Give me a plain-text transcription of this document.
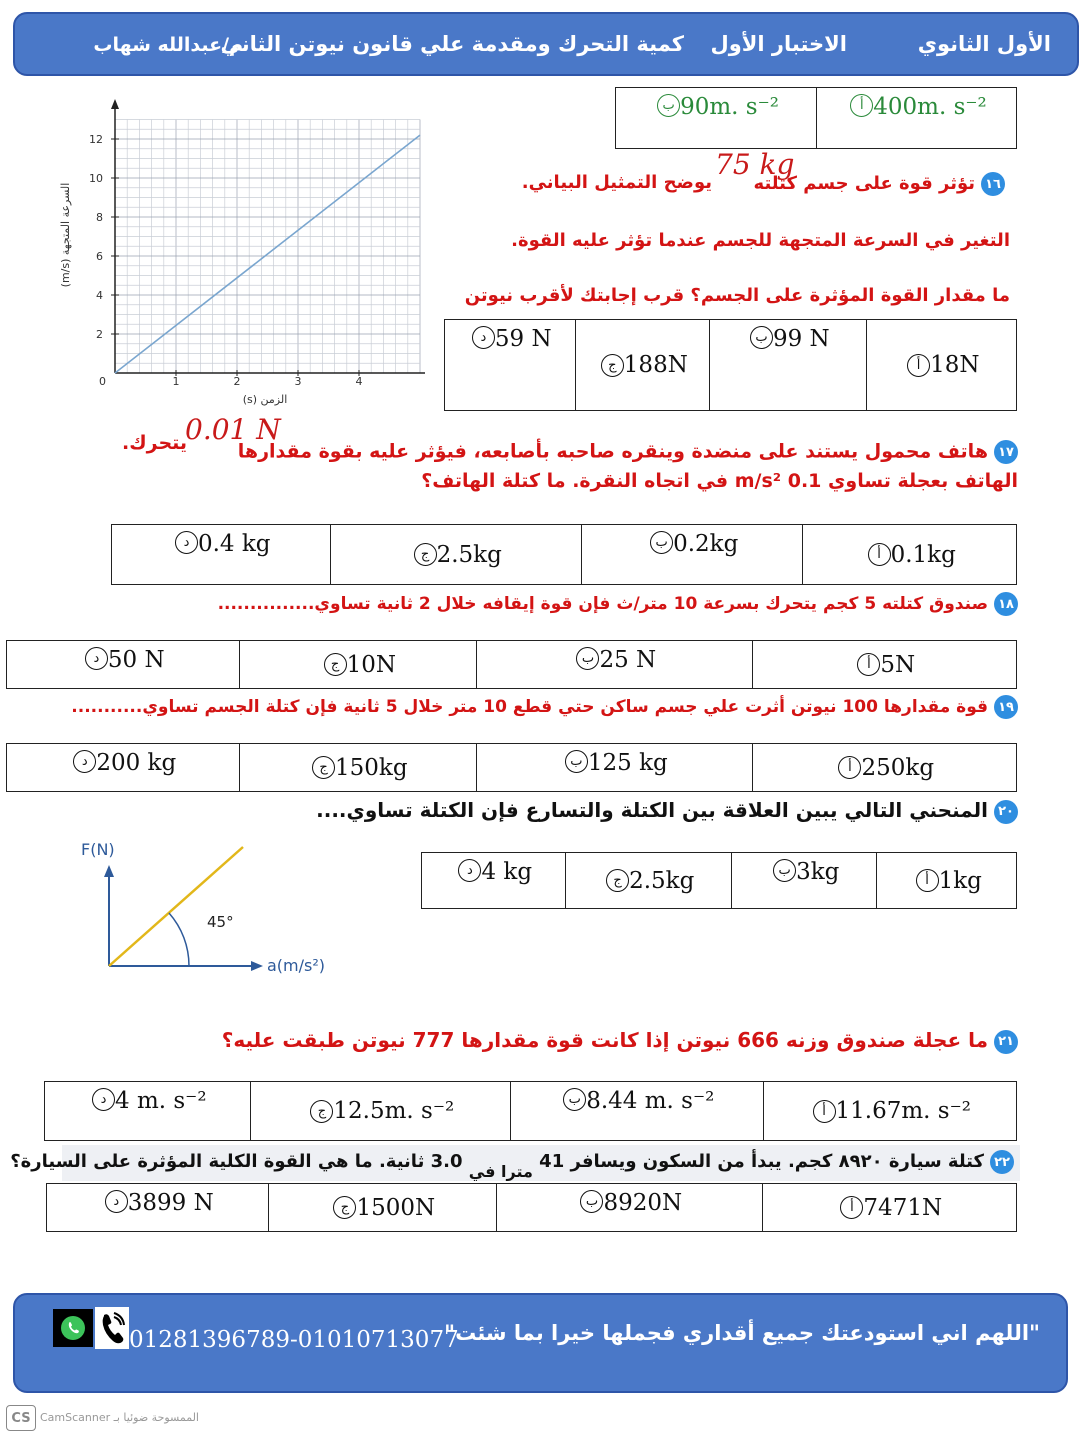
الأول الثانوي
الاختبار الأول
كمية التحرك ومقدمة علي قانون نيوتن الثاني
م/عبدالله شهاب
أ 400m. s⁻²
ب 90m. s⁻²
1	2	3	4
2
4
6
8
10
12
0
الزمن (s)
السرعة المتجهة (m/s)
75 kg
١٦تؤثر قوة على جسم كتلته
يوضح التمثيل البياني.
التغير في السرعة المتجهة للجسم عندما تؤثر عليه القوة.
ما مقدار القوة المؤثرة على الجسم؟ قرب إجابتك لأقرب نيوتن
أ 18N
ب 99 N
ج 188N
د 59 N
0.01 N
يتحرك.	١٧هاتف محمول يستند على منضدة وينقره صاحبه بأصابعه، فيؤثر عليه بقوة مقدارها
الهاتف بعجلة تساوي 0.1 m/s² في اتجاه النقرة. ما كتلة الهاتف؟
أ 0.1kg
ب 0.2kg
ج 2.5kg
د 0.4 kg
١٨صندوق كتلته 5 كجم يتحرك بسرعة 10 متر/ث فإن قوة إيقافه خلال 2 ثانية تساوي...............
أ 5N
ب 25 N
ج 10N
د 50 N
١٩قوة مقدارها 100 نيوتن أثرت علي جسم ساكن حتي قطع 10 متر خلال 5 ثانية فإن كتلة الجسم تساوي...........
أ 250kg
ب 125 kg
ج 150kg
د 200 kg
٢٠المنحني التالي يبين العلاقة بين الكتلة والتسارع فإن الكتلة تساوي....
F(N)
a(m/s²)
45°
أ 1kg
ب 3kg
ج 2.5kg
د 4 kg
٢١ما عجلة صندوق وزنه 666 نيوتن إذا كانت قوة مقدارها 777 نيوتن طبقت عليه؟
أ 11.67m. s⁻²
ب 8.44 m. s⁻²
ج 12.5m. s⁻²
د 4 m. s⁻²
٢٢كتلة سيارة ٨٩٢٠ كجم. يبدأ من السكون ويسافر 41 مترا في 3.0 ثانية. ما هي القوة الكلية المؤثرة على السيارة؟
أ 7471N
ب 8920N
ج 1500N
د 3899 N
"اللهم اني استودعتك جميع أقداري فجملها خيرا بما شئت"
01281396789-01010713077
CS CamScanner الممسوحة ضوئيا بـ
